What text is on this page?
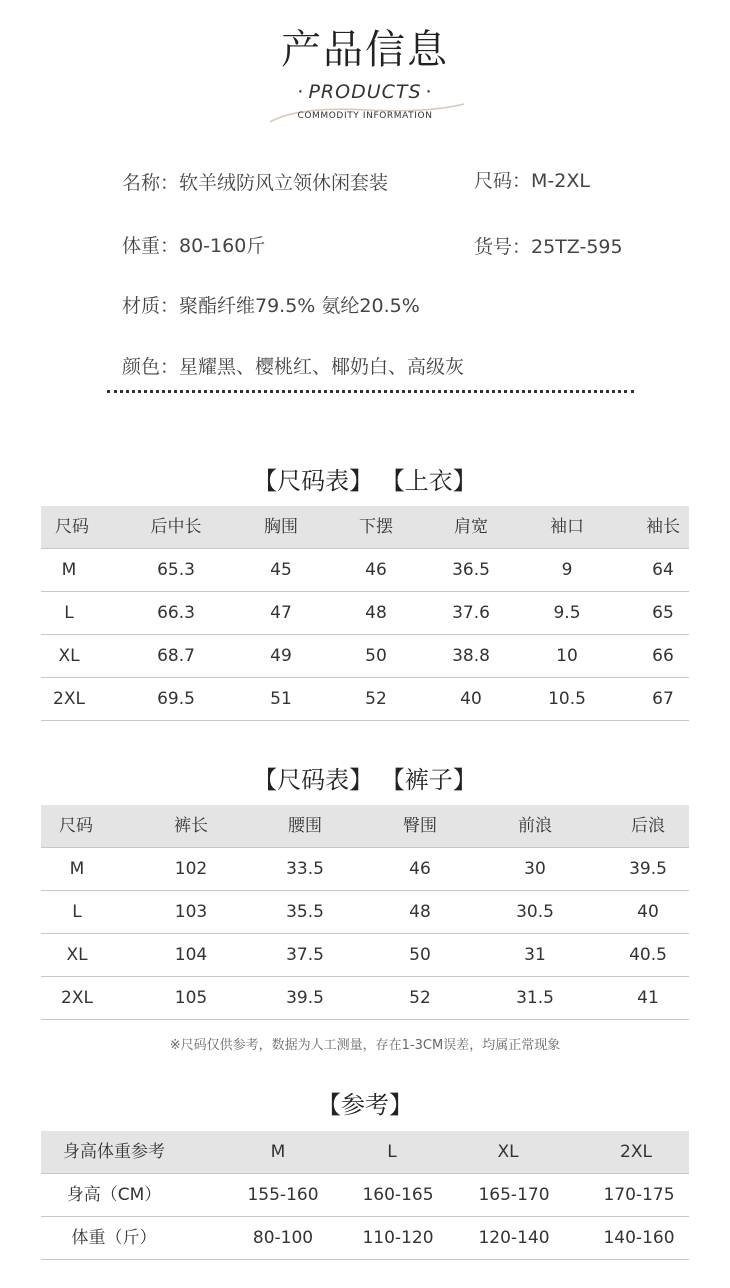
产品信息
· PRODUCTS ·
COMMODITY INFORMATION
名称：软羊绒防风立领休闲套装	尺码：M-2XL
体重：80-160斤	货号：25TZ-595
材质：聚酯纤维79.5% 氨纶20.5%
颜色：星耀黑、樱桃红、椰奶白、高级灰
【尺码表】 【上衣】
尺码	后中长	胸围	下摆	肩宽	袖口	袖长
M	65.3	45	46	36.5	9	64
L	66.3	47	48	37.6	9.5	65
XL	68.7	49	50	38.8	10	66
2XL	69.5	51	52	40	10.5	67
【尺码表】 【裤子】
尺码	裤长	腰围	臀围	前浪	后浪
M	102	33.5	46	30	39.5
L	103	35.5	48	30.5	40
XL	104	37.5	50	31	40.5
2XL	105	39.5	52	31.5	41
※尺码仅供参考，数据为人工测量，存在1-3CM误差，均属正常现象
【参考】
身高体重参考	M	L	XL	2XL
身高（CM）	155-160	160-165	165-170	170-175
体重（斤）	80-100	110-120	120-140	140-160
